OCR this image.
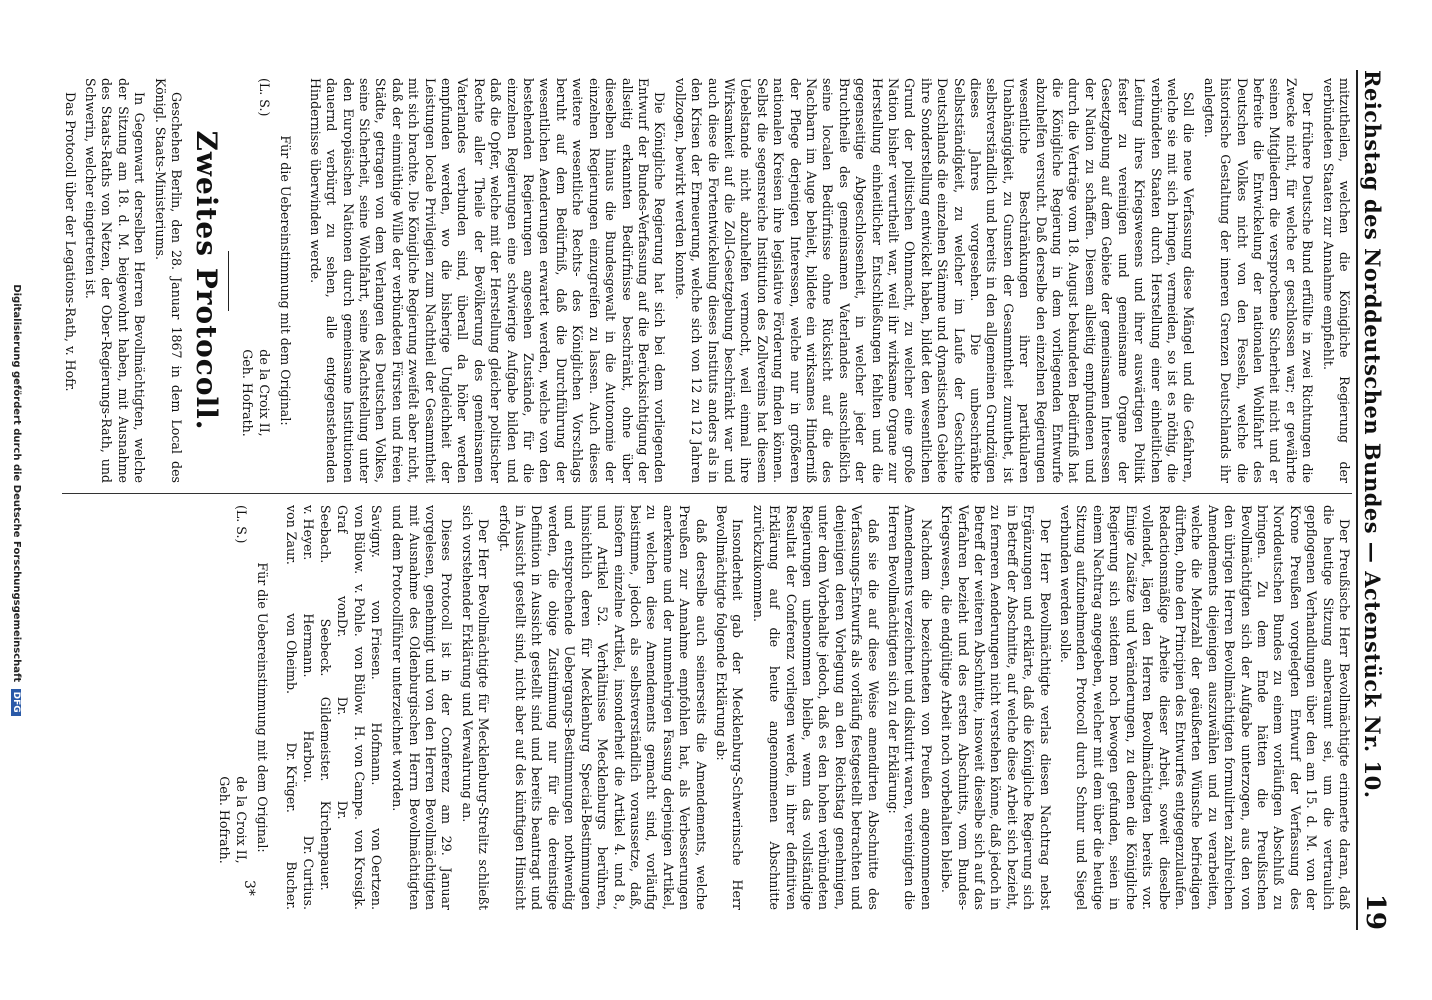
Reichstag des Norddeutschen Bundes — Actenstück Nr. 10.
19

mitzutheilen, welchen die Königliche Regierung der verbündeten Staaten zur Annahme empfiehlt.

Der frühere Deutsche Bund erfüllte in zwei Richtungen die Zwecke nicht, für welche er geschlossen war; er gewährte seinen Mitgliedern die versprochene Sicherheit nicht und er befreite die Entwickelung der nationalen Wohlfahrt des Deutschen Volkes nicht von den Fesseln, welche die historische Gestaltung der inneren Grenzen Deutschlands ihr anlegten.

Soll die neue Verfassung diese Mängel und die Gefahren, welche sie mit sich bringen, vermeiden, so ist es nöthig, die verbündeten Staaten durch Herstellung einer einheitlichen Leitung ihres Kriegswesens und ihrer auswärtigen Politik fester zu vereinigen und gemeinsame Organe der Gesetzgebung auf dem Gebiete der gemeinsamen Interessen der Nation zu schaffen. Diesem allseitig empfundenen und durch die Verträge vom 18. August bekundeten Bedürfniß hat die Königliche Regierung in dem vorliegenden Entwurfe abzuhelfen versucht. Daß derselbe den einzelnen Regierungen wesentliche Beschränkungen ihrer partikularen Unabhängigkeit, zu Gunsten der Gesammtheit zumuthet, ist selbstverständlich und bereits in den allgemeinen Grundzügen dieses Jahres vorgesehen. Die unbeschränkte Selbstständigkeit, zu welcher im Laufe der Geschichte Deutschlands die einzelnen Stämme und dynastischen Gebiete ihre Sonderstellung entwickelt haben, bildet den wesentlichen Grund der politischen Ohnmacht, zu welcher eine große Nation bisher verurtheilt war, weil ihr wirksame Organe zur Herstellung einheitlicher Entschließungen fehlten und die gegenseitige Abgeschlossenheit, in welcher jeder der Bruchtheile des gemeinsamen Vaterlandes ausschließlich seine localen Bedürfnisse ohne Rücksicht auf die des Nachbarn im Auge behielt, bildete ein wirksames Hinderniß der Pflege derjenigen Interessen, welche nur in größeren nationalen Kreisen ihre legislative Förderung finden können. Selbst die segensreiche Institution des Zollvereins hat diesem Uebelstande nicht abzuhelfen vermocht, weil einmal ihre Wirksamkeit auf die Zoll-Gesetzgebung beschränkt war und auch diese die Fortentwickelung dieses Instituts anders als in den Krisen der Erneuerung, welche sich von 12 zu 12 Jahren vollzogen, bewirkt werden konnte.

Die Königliche Regierung hat sich bei dem vorliegenden Entwurf der Bundes-Verfassung auf die Berücksichtigung der allseitig erkannten Bedürfnisse beschränkt, ohne über dieselben hinaus die Bundesgewalt in die Autonomie der einzelnen Regierungen einzugreifen zu lassen. Auch dieses weitere wesentliche Rechts- des Königlichen Vorschlags beruht auf dem Bedürfniß, daß die Durchführung der wesentlichen Aenderungen erwartet werden, welche von den bestehenden Regierungen angesehen Zustände, für die einzelnen Regierungen eine schwierige Aufgabe bilden und daß die Opfer, welche mit der Herstellung gleicher politischer Rechte aller Theile der Bevölkerung des gemeinsamen Vaterlandes verbunden sind, überall da höher werden empfunden werden, wo die bisherige Ungleichheit der Leistungen locale Privilegien zum Nachtheil der Gesammtheit mit sich brachte. Die Königliche Regierung zweifelt aber nicht, daß der einmüthige Wille der verbündeten Fürsten und freien Städte, getragen von dem Verlangen des Deutschen Volkes, seine Sicherheit, seine Wohlfahrt, seine Machtstellung unter den Europäischen Nationen durch gemeinsame Institutionen dauernd verbürgt zu sehen, alle entgegenstehenden Hindernisse überwinden werde.

Für die Uebereinstimmung mit dem Original:

(L. S.)
de la Croix II,
Geh. Hofrath.
Zweites Protocoll.

Geschehen Berlin, den 28. Januar 1867 in dem Local des Königl. Staats-Ministeriums.

In Gegenwart derselben Herren Bevollmächtigten, welche der Sitzung am 18. d. M. beigewohnt haben, mit Ausnahme des Staats-Raths von Netzen, der Ober-Regierungs-Rath, und Schwerin, welcher eingetreten ist.

Das Protocoll über der Legations-Rath, v. Hofr.

Der Preußische Herr Bevollmächtigte erinnerte daran, daß die heutige Sitzung anberaumt sei, um die vertraulich gepflogenen Verhandlungen über den am 15. d. M. von der Krone Preußen vorgelegten Entwurf der Verfassung des Norddeutschen Bundes zu einem vorläufigen Abschluß zu bringen. Zu dem Ende hätten die Preußischen Bevollmächtigten sich der Aufgabe unterzogen, aus den von den übrigen Herren Bevollmächtigten formulirten zahlreichen Amendements diejenigen auszuwählen und zu verarbeiten, welche die Mehrzahl der geäußerten Wünsche befriedigen dürften, ohne den Principien des Entwurfes entgegenzulaufen. Redactionsmäßige Arbeite dieser Arbeit, soweit dieselbe vollendet, lägen den Herren Bevollmächtigten bereits vor. Einige Zusätze und Veränderungen, zu denen die Königliche Regierung sich seitdem noch bewogen gefunden, seien in einem Nachtrag angegeben, welcher mit dem über die heutige Sitzung aufzunehmenden Protocoll durch Schnur und Siegel verbunden werden solle.

Der Herr Bevollmächtigte verlas diesen Nachtrag nebst Ergänzungen und erklärte, daß die Königliche Regierung sich in Betreff der Abschnitte, auf welche diese Arbeit sich bezieht, zu ferneren Aenderungen nicht verstehen könne, daß jedoch in Betreff der weiteren Abschnitte, insoweit dieselbe sich auf das Verfahren bezieht und des ersten Abschnitts, vom Bundes-Kriegswesen, die endgültige Arbeit noch vorbehalten bleibe.

Nachdem die bezeichneten von Preußen angenommenen Amendements verzeichnet und diskutirt waren, vereinigten die Herren Bevollmächtigten sich zu der Erklärung:

daß sie die auf diese Weise amendirten Abschnitte des Verfassungs-Entwurfs als vorläufig festgestellt betrachten und denjenigen deren Vorlegung an den Reichstag genehmigen, unter dem Vorbehalte jedoch, daß es den hohen verbündeten Regierungen unbenommen bleibe, wenn das vollständige Resultat der Conferenz vorliegen werde, in ihrer definitiven Erklärung auf die heute angenommenen Abschnitte zurückzukommen.

Insonderheit gab der Mecklenburg-Schwerinsche Herr Bevollmächtigte folgende Erklärung ab:

daß derselbe auch seinerseits die Amendements, welche Preußen zur Annahme empfohlen hat, als Verbesserungen anerkenne und der nunmehrigen Fassung derjenigen Artikel, zu welchen diese Amendements gemacht sind, vorläufig beistimme, jedoch als selbstverständlich voraussetze, daß, insofern einzelne Artikel, insonderheit die Artikel 4. und 8., und Artikel 52. Verhältnisse Mecklenburgs berühren, hinsichtlich deren für Mecklenburg Special-Bestimmungen und entsprechende Uebergangs-Bestimmungen nothwendig werden, die obige Zustimmung nur für die dereinstige Definition in Aussicht gestellt sind und bereits beantragt und in Aussicht gestellt sind, nicht aber auf des künftigen Hinsicht erfolgt.

Der Herr Bevollmächtigte für Mecklenburg-Strelitz schließt sich vorstehender Erklärung und Verwahrung an.

Dieses Protocoll ist in der Conferenz am 29. Januar vorgelesen, genehmigt und von den Herren Bevollmächtigten mit Ausnahme des Oldenburgischen Herrn Bevollmächtigten und dem Protocollführer unterzeichnet worden.

Savigny.
von Friesen.
Hofmann.
von Oertzen.
von Bülow.
v. Pohle.
von Bülow.
H. von Campe.
von Krosigk.
Graf von Seebach.
Dr. Seebeck.
Dr. Gildemeister.
Dr. Kirchenpauer.
v. Heyer.
Hermann.
Harbou.
Dr. Curtius.
von Zaur.
von Oheimb.
Dr. Krüger.
Bucher.

Für die Uebereinstimmung mit dem Original:

(L. S.)
de la Croix II,
Geh. Hofrath.
3*
Digitalisierung gefördert durch die Deutsche Forschungsgemeinschaft DFG
